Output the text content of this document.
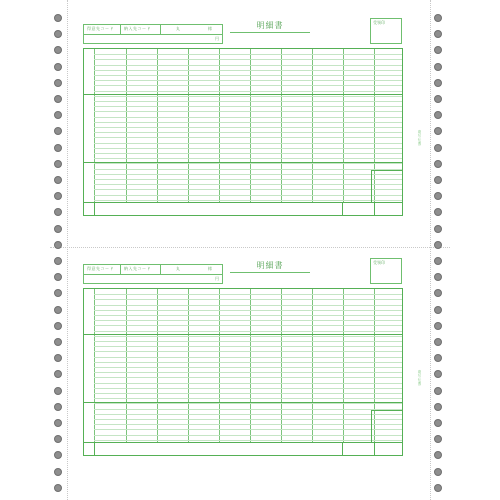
得意先コード	納入先コード	丸	様
円
明細書	受領印
得意先コード	納入先コード	丸	様
円
明細書	受領印
複写伝票
複写伝票
